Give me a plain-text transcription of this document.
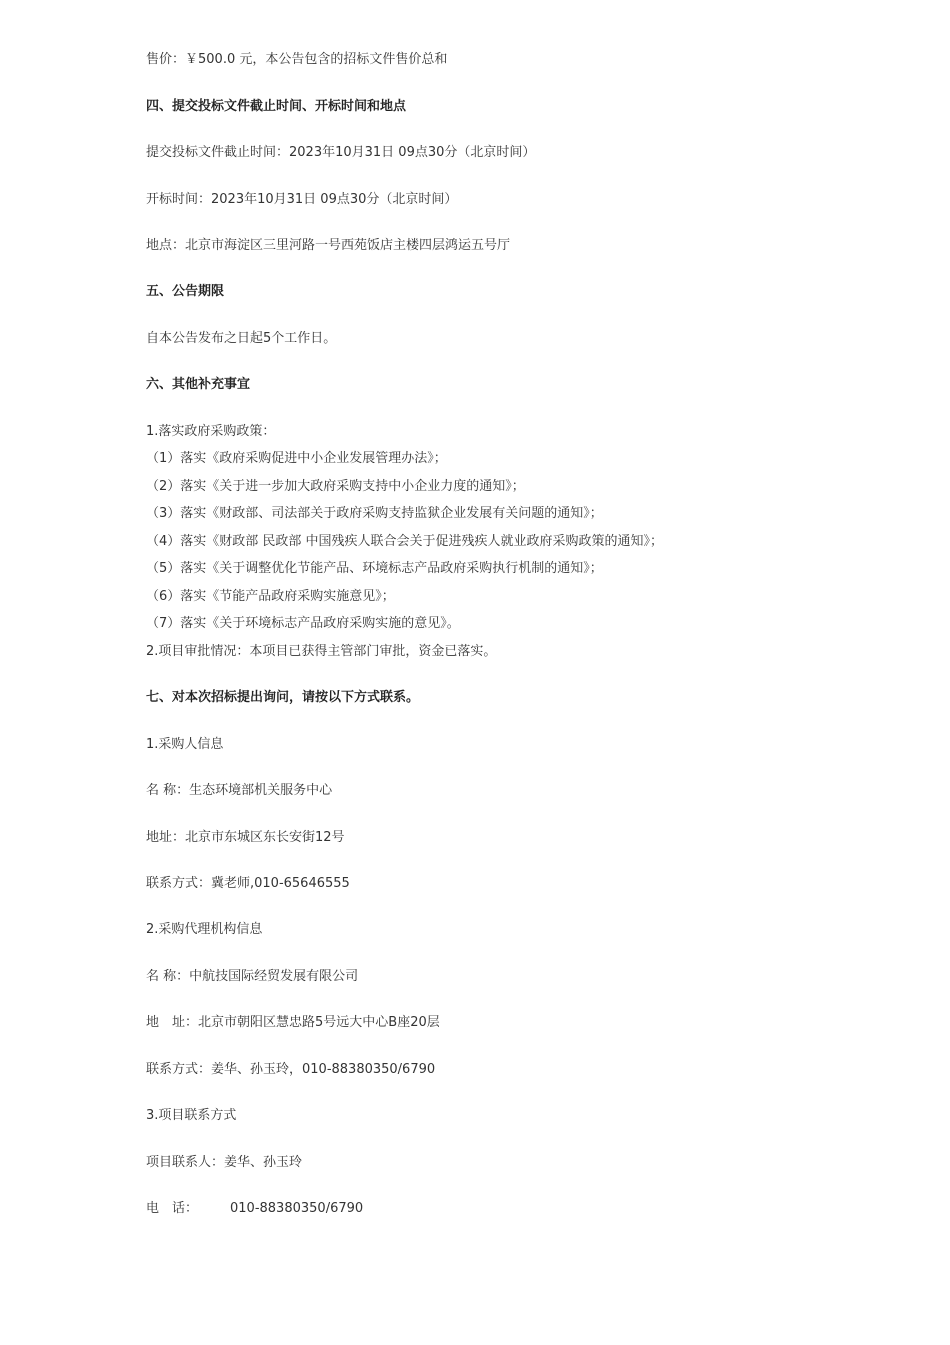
售价：￥500.0 元，本公告包含的招标文件售价总和

四、提交投标文件截止时间、开标时间和地点

提交投标文件截止时间：2023年10月31日 09点30分（北京时间）

开标时间：2023年10月31日 09点30分（北京时间）

地点：北京市海淀区三里河路一号西苑饭店主楼四层鸿运五号厅

五、公告期限

自本公告发布之日起5个工作日。

六、其他补充事宜

1.落实政府采购政策：

（1）落实《政府采购促进中小企业发展管理办法》；

（2）落实《关于进一步加大政府采购支持中小企业力度的通知》；

（3）落实《财政部、司法部关于政府采购支持监狱企业发展有关问题的通知》；

（4）落实《财政部 民政部 中国残疾人联合会关于促进残疾人就业政府采购政策的通知》；

（5）落实《关于调整优化节能产品、环境标志产品政府采购执行机制的通知》；

（6）落实《节能产品政府采购实施意见》；

（7）落实《关于环境标志产品政府采购实施的意见》。

2.项目审批情况：本项目已获得主管部门审批，资金已落实。

七、对本次招标提出询问，请按以下方式联系。

1.采购人信息

名 称：生态环境部机关服务中心

地址：北京市东城区东长安街12号

联系方式：冀老师,010-65646555

2.采购代理机构信息

名 称：中航技国际经贸发展有限公司

地　址：北京市朝阳区慧忠路5号远大中心B座20层

联系方式：姜华、孙玉玲，010-88380350/6790

3.项目联系方式

项目联系人：姜华、孙玉玲

电　话： 010-88380350/6790
